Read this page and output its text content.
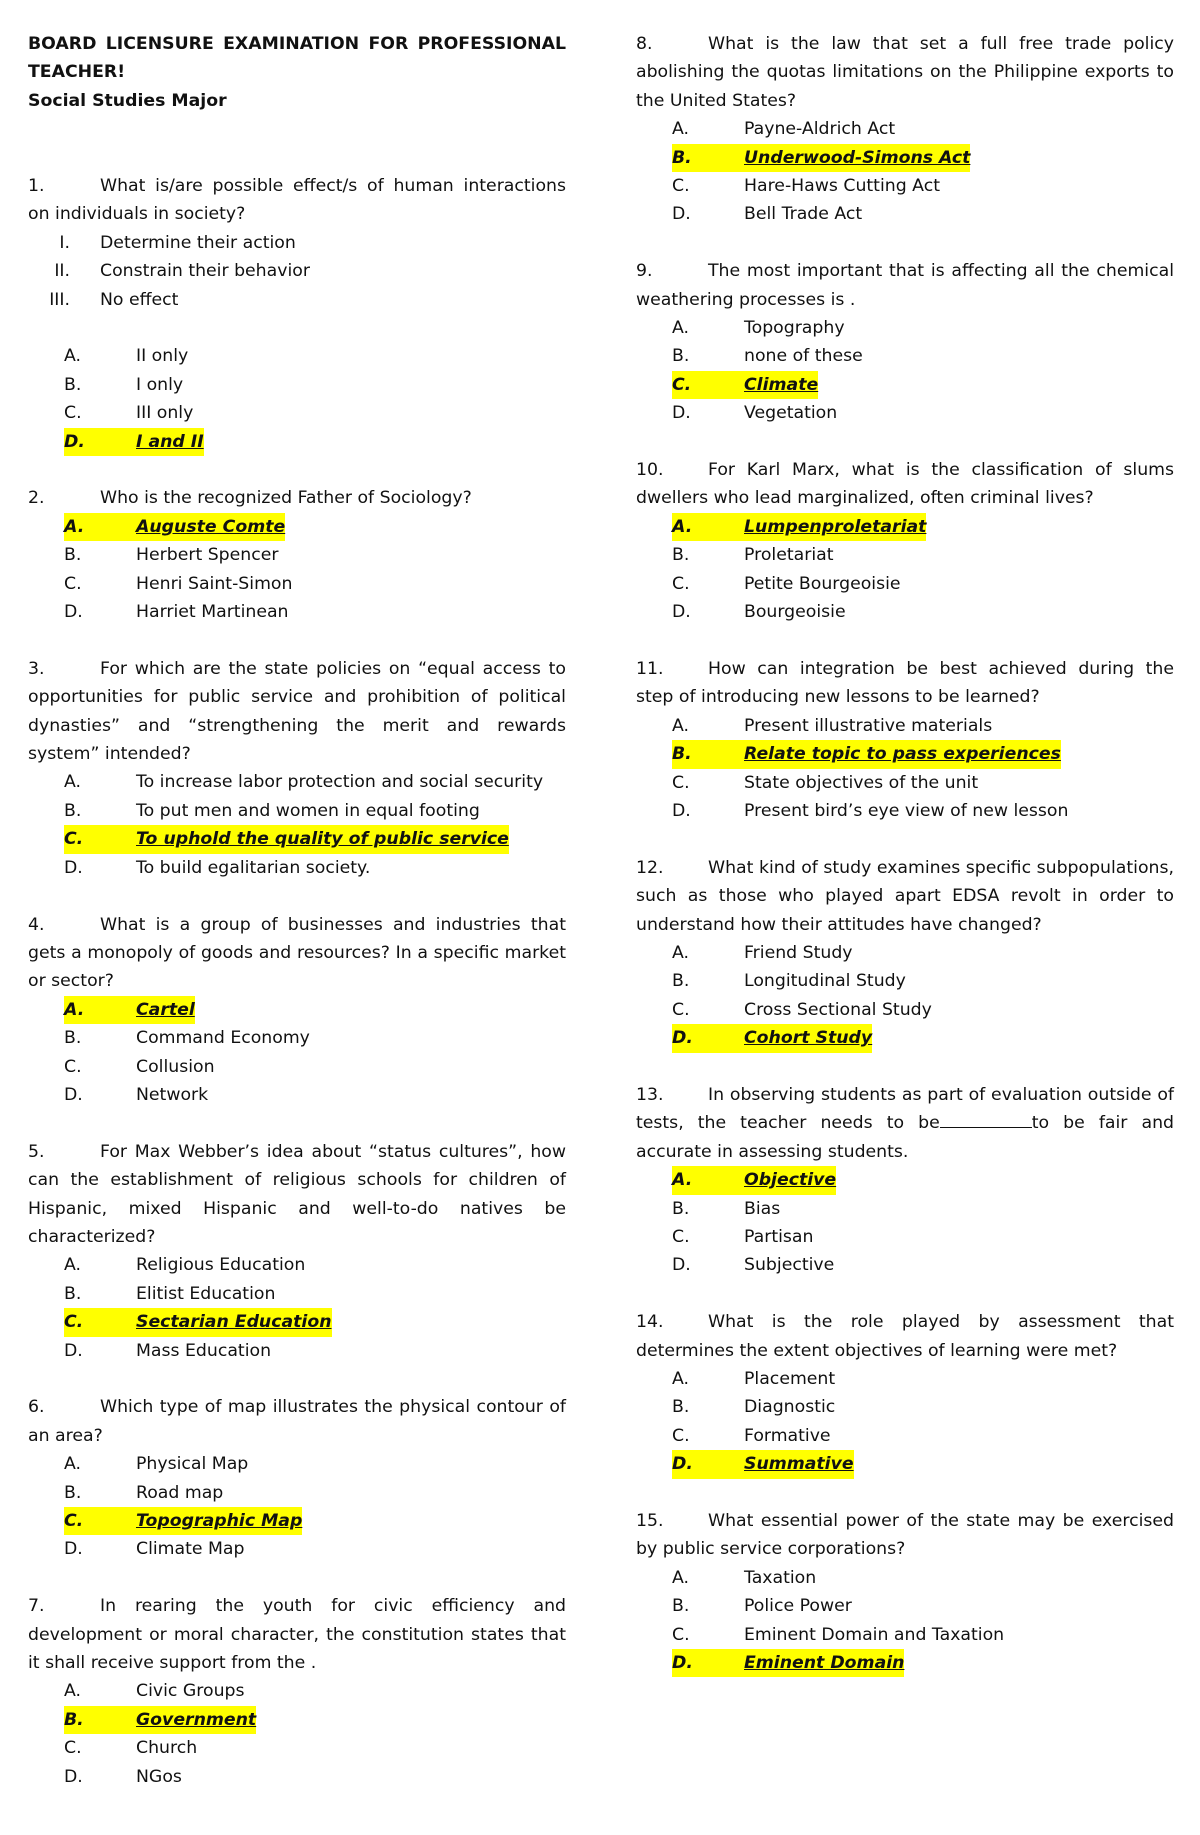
BOARD LICENSURE EXAMINATION FOR PROFESSIONAL TEACHER!
Social Studies Major
1.	What is/are possible effect/s of human interactions on individuals in society?
I.	Determine their action
II.	Constrain their behavior
III.	No effect
A.	II only
B.	I only
C.	III only
D.	I and II
2.	Who is the recognized Father of Sociology?
A.	Auguste Comte
B.	Herbert Spencer
C.	Henri Saint-Simon
D.	Harriet Martinean
3.	For which are the state policies on “equal access to opportunities for public service and prohibition of political dynasties” and “strengthening the merit and rewards system” intended?
A.	To increase labor protection and social security
B.	To put men and women in equal footing
C.	To uphold the quality of public service
D.	To build egalitarian society.
4.	What is a group of businesses and industries that gets a monopoly of goods and resources? In a specific market or sector?
A.	Cartel
B.	Command Economy
C.	Collusion
D.	Network
5.	For Max Webber’s idea about “status cultures”, how can the establishment of religious schools for children of Hispanic, mixed Hispanic and well-to-do natives be characterized?
A.	Religious Education
B.	Elitist Education
C.	Sectarian Education
D.	Mass Education
6.	Which type of map illustrates the physical contour of an area?
A.	Physical Map
B.	Road map
C.	Topographic Map
D.	Climate Map
7.	In rearing the youth for civic efficiency and development or moral character, the constitution states that it shall receive support from the .
A.	Civic Groups
B.	Government
C.	Church
D.	NGos
8.	What is the law that set a full free trade policy abolishing the quotas limitations on the Philippine exports to the United States?
A.	Payne-Aldrich Act
B.	Underwood-Simons Act
C.	Hare-Haws Cutting Act
D.	Bell Trade Act
9.	The most important that is affecting all the chemical weathering processes is .
A.	Topography
B.	none of these
C.	Climate
D.	Vegetation
10.	For Karl Marx, what is the classification of slums dwellers who lead marginalized, often criminal lives?
A.	Lumpenproletariat
B.	Proletariat
C.	Petite Bourgeoisie
D.	Bourgeoisie
11.	How can integration be best achieved during the step of introducing new lessons to be learned?
A.	Present illustrative materials
B.	Relate topic to pass experiences
C.	State objectives of the unit
D.	Present bird’s eye view of new lesson
12.	What kind of study examines specific subpopulations, such as those who played apart EDSA revolt in order to understand how their attitudes have changed?
A.	Friend Study
B.	Longitudinal Study
C.	Cross Sectional Study
D.	Cohort Study
13.	In observing students as part of evaluation outside of tests, the teacher needs to be	to be fair and accurate in assessing students.
A.	Objective
B.	Bias
C.	Partisan
D.	Subjective
14.	What is the role played by assessment that determines the extent objectives of learning were met?
A.	Placement
B.	Diagnostic
C.	Formative
D.	Summative
15.	What essential power of the state may be exercised by public service corporations?
A.	Taxation
B.	Police Power
C.	Eminent Domain and Taxation
D.	Eminent Domain
